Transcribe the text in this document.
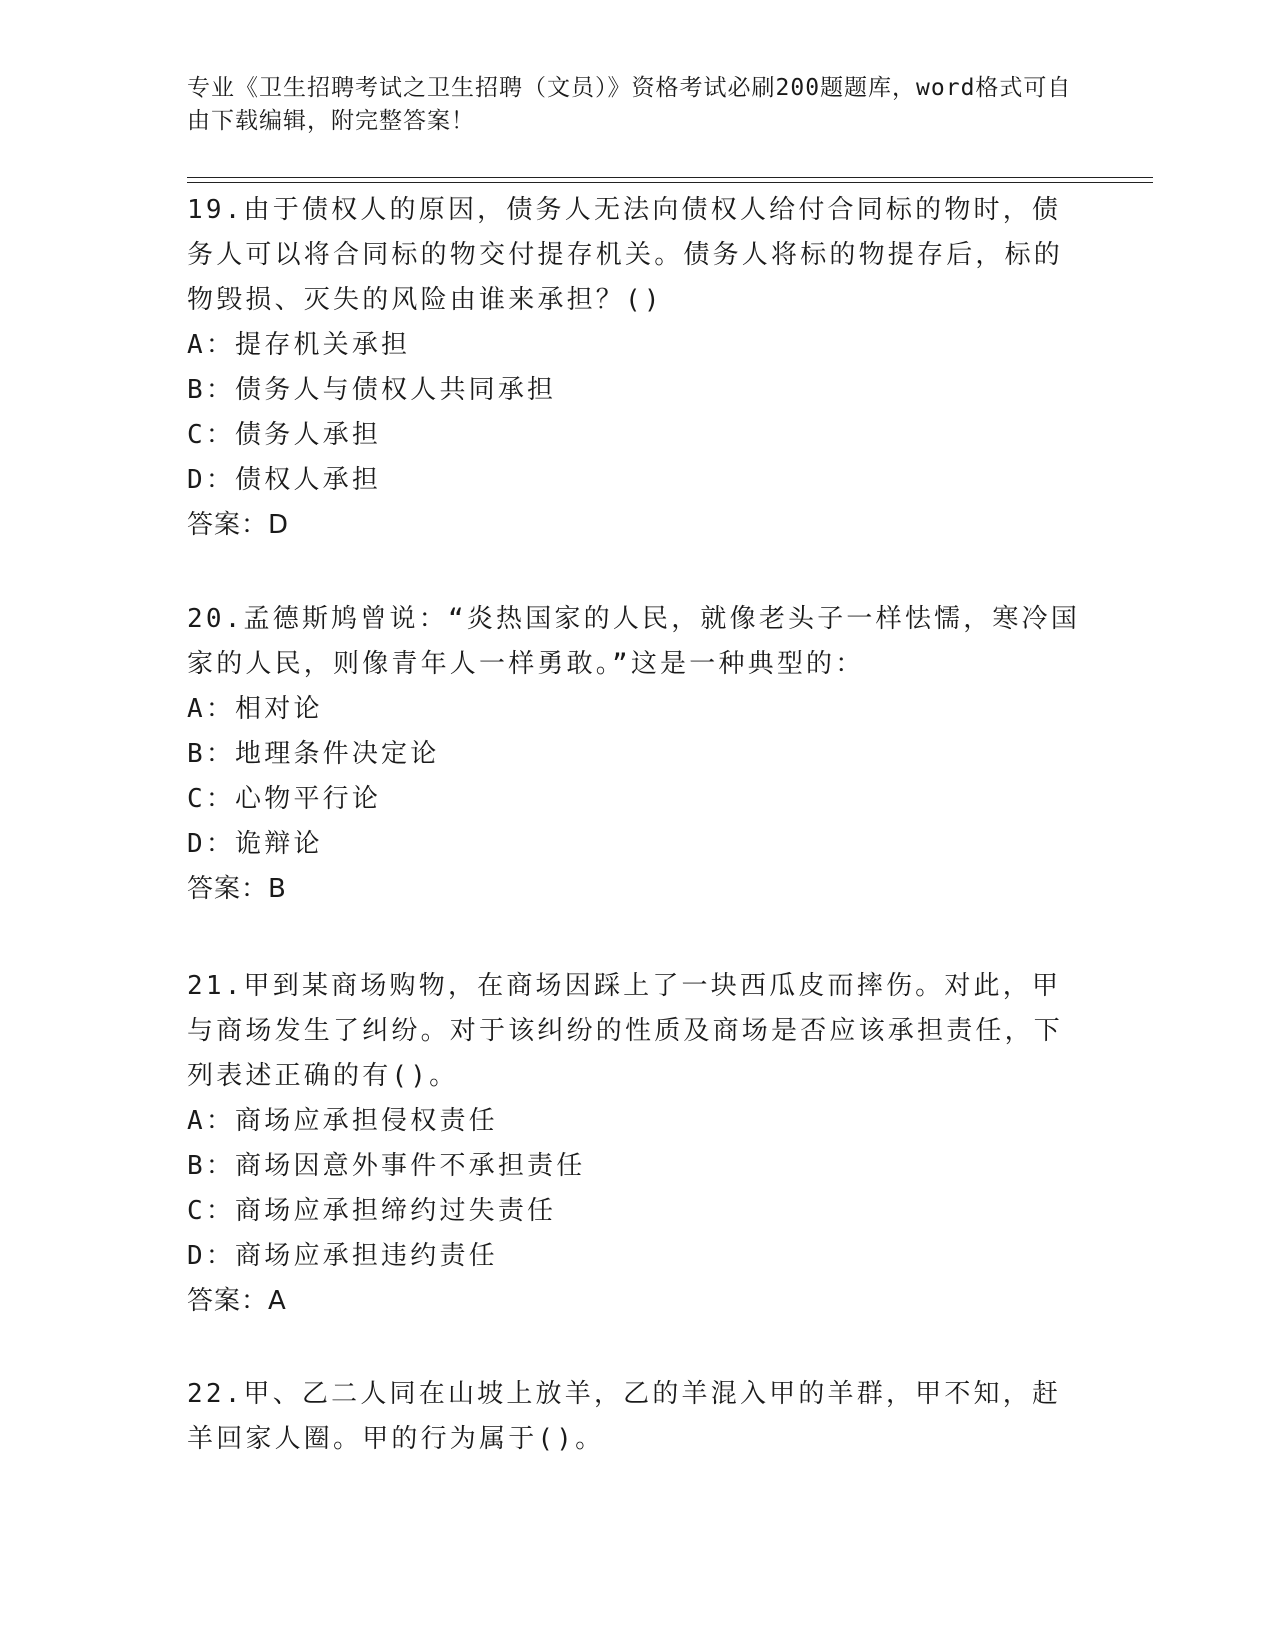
专业《卫生招聘考试之卫生招聘（文员）》资格考试必刷200题题库，word格式可自由下载编辑，附完整答案！

19.由于债权人的原因，债务人无法向债权人给付合同标的物时，债务人可以将合同标的物交付提存机关。债务人将标的物提存后，标的物毁损、灭失的风险由谁来承担？()

A：提存机关承担

B：债务人与债权人共同承担

C：债务人承担

D：债权人承担

答案：D

20.孟德斯鸠曾说：“炎热国家的人民，就像老头子一样怯懦，寒冷国家的人民，则像青年人一样勇敢。”这是一种典型的：

A：相对论

B：地理条件决定论

C：心物平行论

D：诡辩论

答案：B

21.甲到某商场购物，在商场因踩上了一块西瓜皮而摔伤。对此，甲与商场发生了纠纷。对于该纠纷的性质及商场是否应该承担责任，下列表述正确的有()。

A：商场应承担侵权责任

B：商场因意外事件不承担责任

C：商场应承担缔约过失责任

D：商场应承担违约责任

答案：A

22.甲、乙二人同在山坡上放羊，乙的羊混入甲的羊群，甲不知，赶羊回家人圈。甲的行为属于()。
